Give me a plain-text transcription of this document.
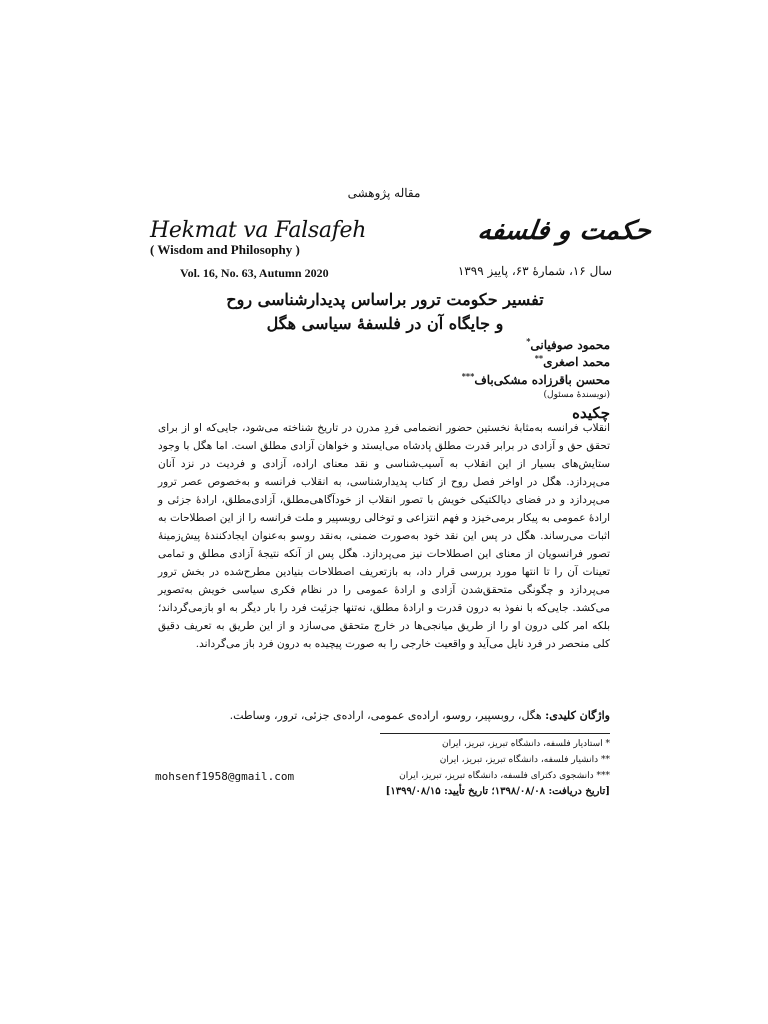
مقاله پژوهشی
Hekmat va Falsafeh
( Wisdom and Philosophy )
حکمت و فلسفه
Vol. 16, No. 63, Autumn 2020	سال ۱۶، شمارهٔ ۶۳، پاییز ۱۳۹۹
تفسیر حکومت ترور براساس پدیدارشناسی روح
و جایگاه آن در فلسفهٔ سیاسی هگل
محمود صوفیانی*
محمد اصغری**
محسن باقرزاده مشکی‌باف***
(نویسندهٔ مسئول)
چکیده
انقلاب فرانسه به‌مثابهٔ نخستین حضور انضمامی فردِ مدرن در تاریخ شناخته می‌شود، جایی‌که او از برای تحقق حق و آزادی در برابر قدرت مطلق پادشاه می‌ایستد و خواهان آزادی مطلق است. اما هگل با وجود ستایش‌های بسیار از این انقلاب به آسیب‌شناسی و نقد معنای اراده، آزادی و فردیت در نزد آنان می‌پردازد. هگل در اواخر فصل روح از کتاب پدیدارشناسی، به انقلاب فرانسه و به‌خصوص عصر ترور می‌پردازد و در فضای دیالکتیکی خویش با تصور انقلاب از خودآگاهی‌مطلق، آزادی‌مطلق، ارادهٔ جزئی و ارادهٔ عمومی به پیکار برمی‌خیزد و فهم انتزاعی و توخالی روبسپیر و ملت فرانسه را از این اصطلاحات به اثبات می‌رساند. هگل در پس این نقد خود به‌صورت ضمنی، به‌نقد روسو به‌عنوان ایجادکنندهٔ پیش‌زمینهٔ تصور فرانسویان از معنای این اصطلاحات نیز می‌پردازد. هگل پس از آنکه نتیجهٔ آزادی مطلق و تمامی تعینات آن را تا انتها مورد بررسی قرار داد، به بازتعریف اصطلاحات بنیادین مطرح‌شده در بخش ترور می‌پردازد و چگونگی متحقق‌شدن آزادی و ارادهٔ عمومی را در نظام فکری سیاسی خویش به‌تصویر می‌کشد. جایی‌که با نفوذ به درون قدرت و ارادهٔ مطلق، نه‌تنها جزئیت فرد را بار دیگر به او بازمی‌گرداند؛ بلکه امر کلی درون او را از طریق میانجی‌ها در خارج متحقق می‌سازد و از این طریق به تعریف دقیق کلی منحصر در فرد نایل می‌آید و واقعیت خارجی را به صورت پیچیده به درون فرد باز می‌گرداند.
واژگان کلیدی: هگل، روبسپیر، روسو، اراده‌ی عمومی، اراده‌ی جزئی، ترور، وساطت.
* استادیار فلسفه، دانشگاه تبریز، تبریز، ایران
** دانشیار فلسفه، دانشگاه تبریز، تبریز، ایران
*** دانشجوی دکترای فلسفه، دانشگاه تبریز، تبریز، ایران
mohsenf1958@gmail.com
[تاریخ دریافت: ۱۳۹۸/۰۸/۰۸؛ تاریخ تأیید: ۱۳۹۹/۰۸/۱۵]
